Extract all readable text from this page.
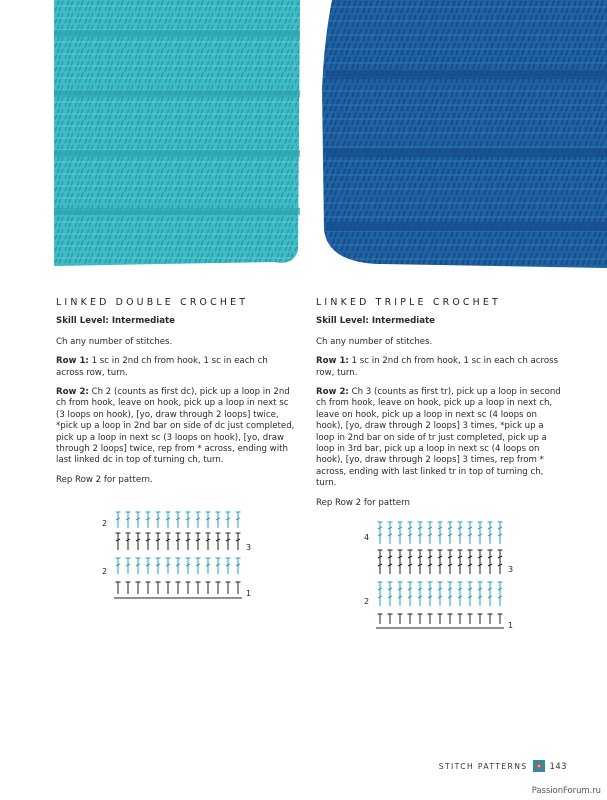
LINKED DOUBLE CROCHET

Skill Level: Intermediate

Ch any number of stitches.

Row 1: 1 sc in 2nd ch from hook, 1 sc in each ch across row, turn.

Row 2: Ch 2 (counts as first dc), pick up a loop in 2nd ch from hook, leave on hook, pick up a loop in next sc (3 loops on hook), [yo, draw through 2 loops] twice, *pick up a loop in 2nd bar on side of dc just completed, pick up a loop in next sc (3 loops on hook), [yo, draw through 2 loops] twice, rep from * across, ending with last linked dc in top of turning ch, turn.

Rep Row 2 for pattern.

LINKED TRIPLE CROCHET

Skill Level: Intermediate

Ch any number of stitches.

Row 1: 1 sc in 2nd ch from hook, 1 sc in each ch across row, turn.

Row 2: Ch 3 (counts as first tr), pick up a loop in second ch from hook, leave on hook, pick up a loop in next ch, leave on hook, pick up a loop in next sc (4 loops on hook), [yo, draw through 2 loops] 3 times, *pick up a loop in 2nd bar on side of tr just completed, pick up a loop in 3rd bar, pick up a loop in next sc (4 loops on hook), [yo, draw through 2 loops] 3 times, rep from * across, ending with last linked tr in top of turning ch, turn.

Rep Row 2 for pattern

2
3
2
1
4
3
2
1
STITCH PATTERNS	143
PassionForum.ru
